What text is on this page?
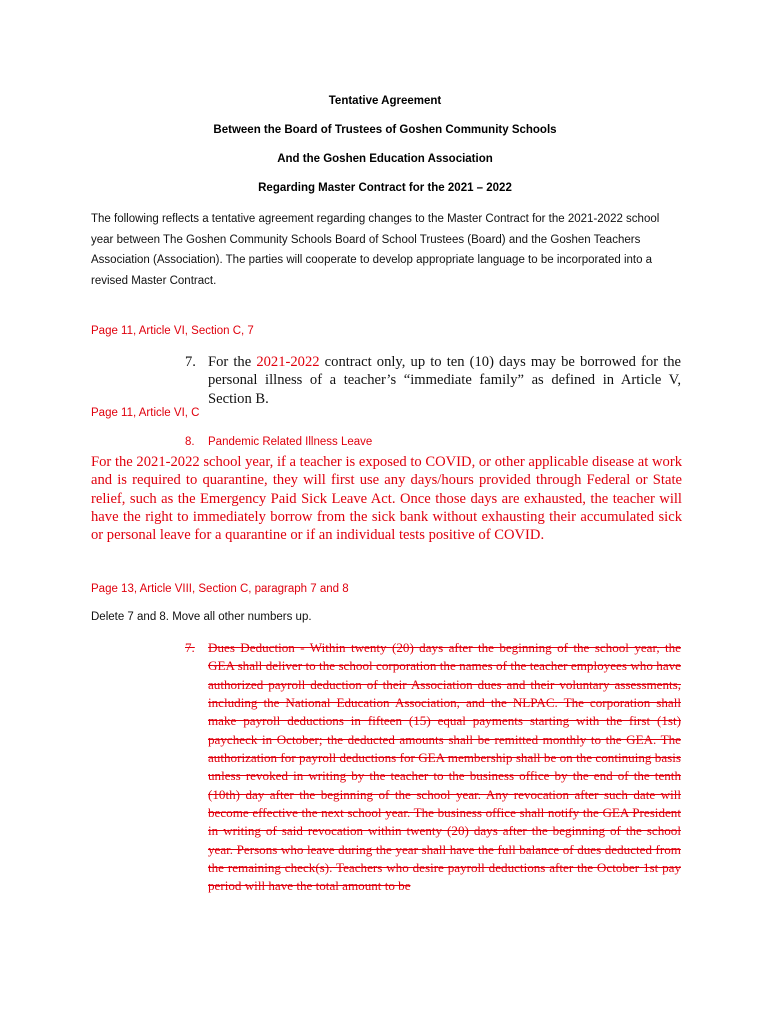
Tentative Agreement
Between the Board of Trustees of Goshen Community Schools
And the Goshen Education Association
Regarding Master Contract for the 2021 – 2022
The following reflects a tentative agreement regarding changes to the Master Contract for the 2021-2022 school year between The Goshen Community Schools Board of School Trustees (Board) and the Goshen Teachers Association (Association). The parties will cooperate to develop appropriate language to be incorporated into a revised Master Contract.
Page 11, Article VI, Section C, 7
7. For the 2021-2022 contract only, up to ten (10) days may be borrowed for the personal illness of a teacher’s “immediate family” as defined in Article V, Section B.
Page 11, Article VI, C
8. Pandemic Related Illness Leave
For the 2021-2022 school year, if a teacher is exposed to COVID, or other applicable disease at work and is required to quarantine, they will first use any days/hours provided through Federal or State relief, such as the Emergency Paid Sick Leave Act. Once those days are exhausted, the teacher will have the right to immediately borrow from the sick bank without exhausting their accumulated sick or personal leave for a quarantine or if an individual tests positive of COVID.
Page 13, Article VIII, Section C, paragraph 7 and 8
Delete 7 and 8. Move all other numbers up.
7.	Dues Deduction - Within twenty (20) days after the beginning of the school year, the GEA shall deliver to the school corporation the names of the teacher employees who have authorized payroll deduction of their Association dues and their voluntary assessments, including the National Education Association, and the NLPAC. The corporation shall make payroll deductions in fifteen (15) equal payments starting with the first (1st) paycheck in October; the deducted amounts shall be remitted monthly to the GEA. The authorization for payroll deductions for GEA membership shall be on the continuing basis unless revoked in writing by the teacher to the business office by the end of the tenth (10th) day after the beginning of the school year. Any revocation after such date will become effective the next school year. The business office shall notify the GEA President in writing of said revocation within twenty (20) days after the beginning of the school year. Persons who leave during the year shall have the full balance of dues deducted from the remaining check(s). Teachers who desire payroll deductions after the October 1st pay period will have the total amount to be
